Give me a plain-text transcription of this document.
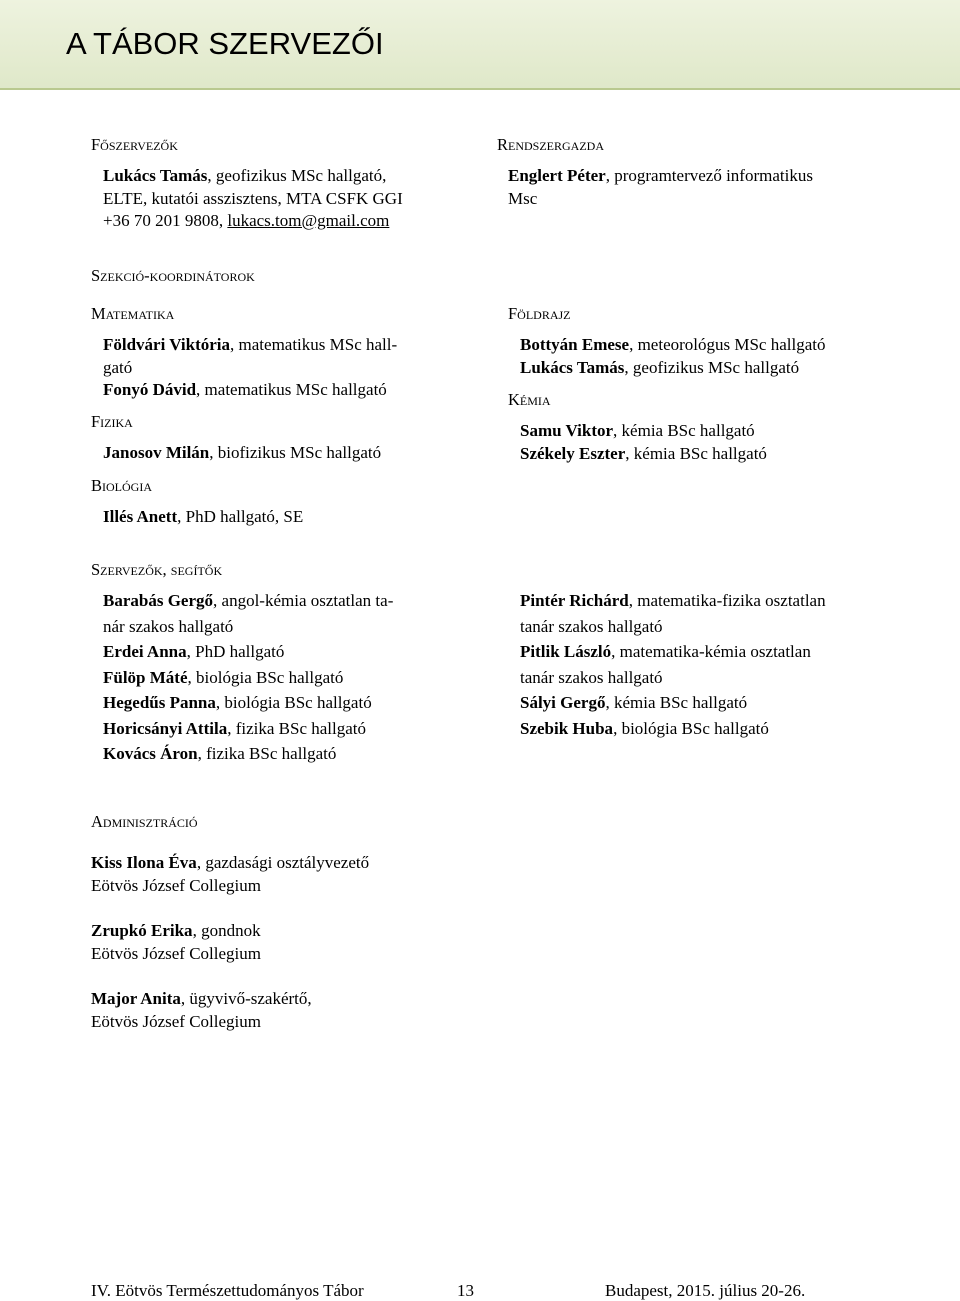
A TÁBOR SZERVEZŐI
Főszervezők
Lukács Tamás, geofizikus MSc hallgató,
ELTE, kutatói asszisztens, MTA CSFK GGI
+36 70 201 9808, lukacs.tom@gmail.com
Rendszergazda
Englert Péter, programtervező informatikus
Msc
Szekció-koordinátorok
Matematika
Földvári Viktória, matematikus MSc hall-
gató
Fonyó Dávid, matematikus MSc hallgató
Fizika
Janosov Milán, biofizikus MSc hallgató
Biológia
Illés Anett, PhD hallgató, SE
Földrajz
Bottyán Emese, meteorológus MSc hallgató
Lukács Tamás, geofizikus MSc hallgató
Kémia
Samu Viktor, kémia BSc hallgató
Székely Eszter, kémia BSc hallgató
Szervezők, segítők
Barabás Gergő, angol-kémia osztatlan ta-
nár szakos hallgató
Erdei Anna, PhD hallgató
Fülöp Máté, biológia BSc hallgató
Hegedűs Panna, biológia BSc hallgató
Horicsányi Attila, fizika BSc hallgató
Kovács Áron, fizika BSc hallgató
Pintér Richárd, matematika-fizika osztatlan
tanár szakos hallgató
Pitlik László, matematika-kémia osztatlan
tanár szakos hallgató
Sályi Gergő, kémia BSc hallgató
Szebik Huba, biológia BSc hallgató
Adminisztráció
Kiss Ilona Éva, gazdasági osztályvezető
Eötvös József Collegium
Zrupkó Erika, gondnok
Eötvös József Collegium
Major Anita, ügyvivő-szakértő,
Eötvös József Collegium
IV. Eötvös Természettudományos Tábor	13	Budapest, 2015. július 20-26.
